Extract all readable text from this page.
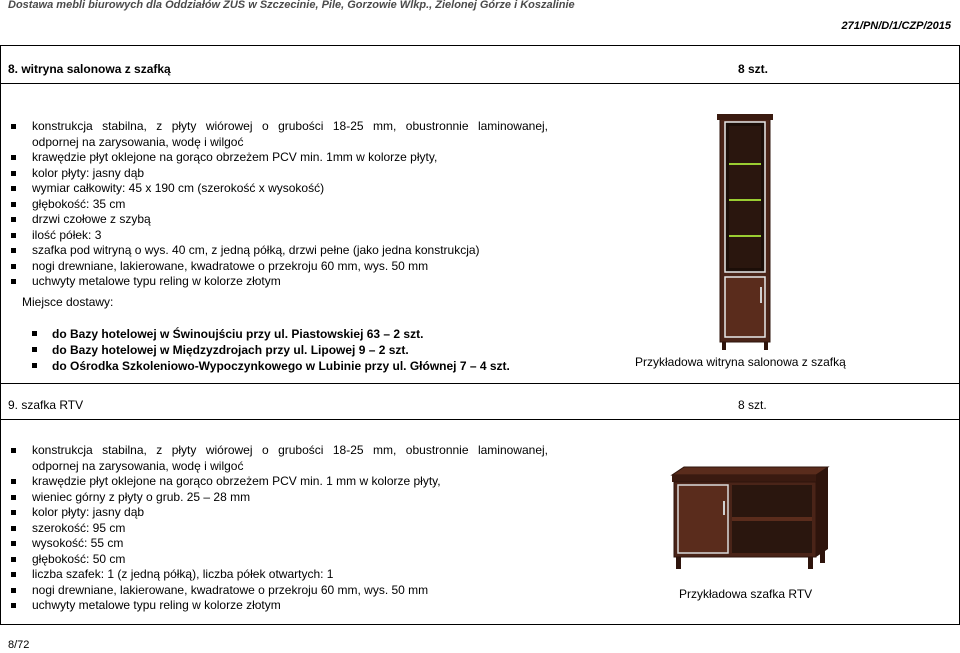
Dostawa mebli biurowych dla Oddziałów ZUS w Szczecinie, Pile, Gorzowie Wlkp., Zielonej Górze i Koszalinie
271/PN/D/1/CZP/2015
8. witryna salonowa z szafką	8 szt.
konstrukcja stabilna, z płyty wiórowej o grubości 18-25 mm, obustronnie laminowanej,
odpornej na zarysowania, wodę i wilgoć
krawędzie płyt oklejone na gorąco obrzeżem PCV min. 1mm w kolorze płyty,
kolor płyty: jasny dąb
wymiar całkowity: 45 x 190 cm (szerokość x wysokość)
głębokość: 35 cm
drzwi czołowe z szybą
ilość półek: 3
szafka pod witryną o wys. 40 cm, z jedną półką, drzwi pełne (jako jedna konstrukcja)
nogi drewniane, lakierowane, kwadratowe o przekroju 60 mm, wys. 50 mm
uchwyty metalowe typu reling w kolorze złotym
Miejsce dostawy:
do Bazy hotelowej w Świnoujściu przy ul. Piastowskiej 63 – 2 szt.
do Bazy hotelowej w Międzyzdrojach przy ul. Lipowej 9 – 2 szt.
do Ośrodka Szkoleniowo-Wypoczynkowego w Lubinie przy ul. Głównej 7 – 4 szt.	Przykładowa witryna salonowa z szafką
9. szafka RTV	8 szt.
konstrukcja stabilna, z płyty wiórowej o grubości 18-25 mm, obustronnie laminowanej,
odpornej na zarysowania, wodę i wilgoć
krawędzie płyt oklejone na gorąco obrzeżem PCV min. 1 mm w kolorze płyty,
wieniec górny z płyty o grub. 25 – 28 mm
kolor płyty: jasny dąb
szerokość: 95 cm
wysokość: 55 cm
głębokość: 50 cm
liczba szafek: 1 (z jedną półką), liczba półek otwartych: 1
nogi drewniane, lakierowane, kwadratowe o przekroju 60 mm, wys. 50 mm
uchwyty metalowe typu reling w kolorze złotym
Przykładowa szafka RTV
8/72
